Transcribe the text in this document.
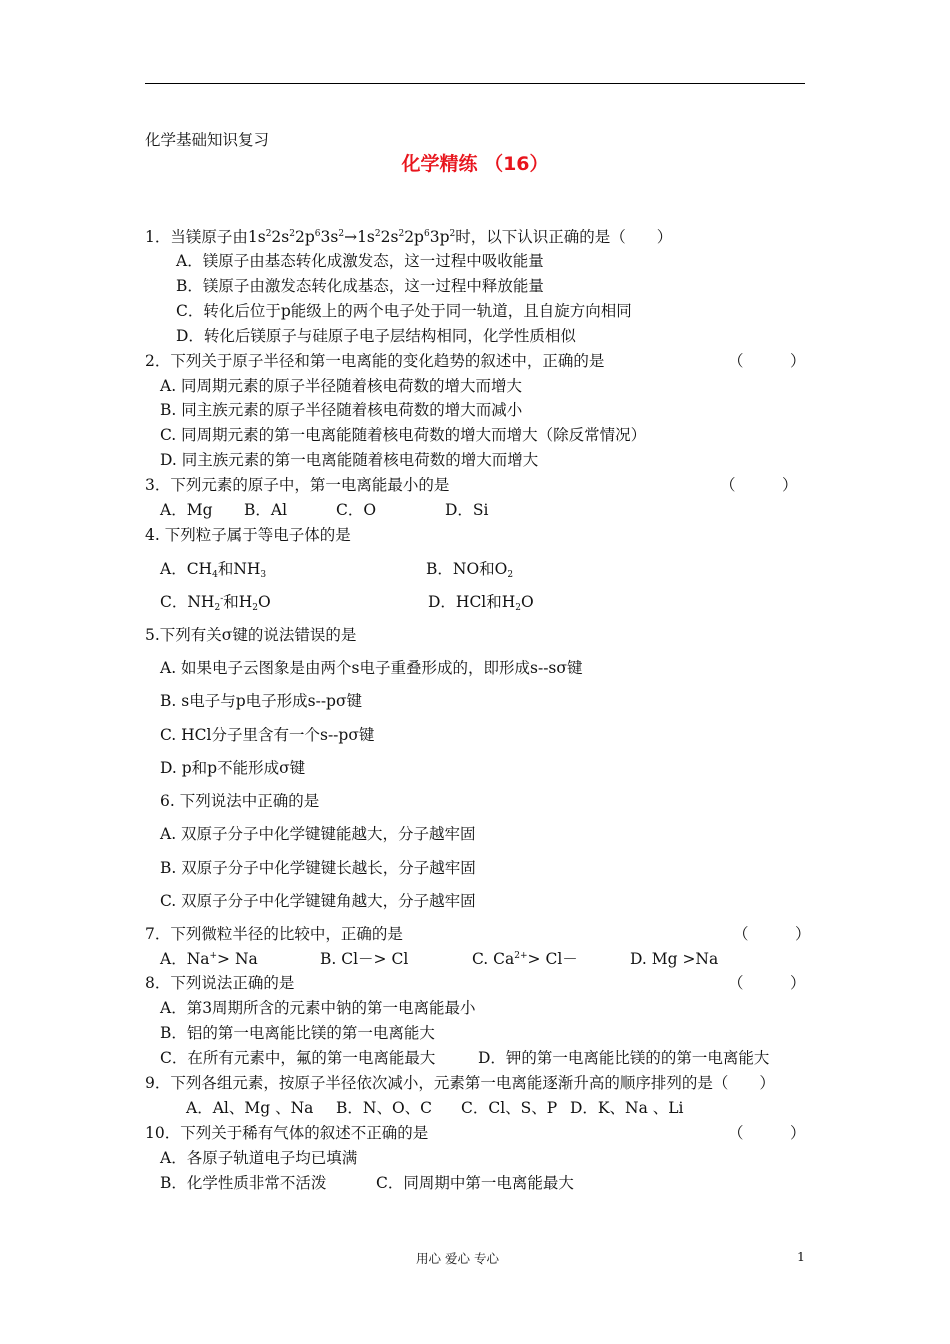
化学基础知识复习
化学精练 （16）
1．当镁原子由$1s^22s^22p^63s^2\to 1s^22s^22p^63p^2$时，以下认识正确的是（　　）
A．镁原子由基态转化成激发态，这一过程中吸收能量
B．镁原子由激发态转化成基态，这一过程中释放能量
C．转化后位于p能级上的两个电子处于同一轨道，且自旋方向相同
D．转化后镁原子与硅原子电子层结构相同，化学性质相似
2．下列关于原子半径和第一电离能的变化趋势的叙述中，正确的是	（　　　）
A. 同周期元素的原子半径随着核电荷数的增大而增大
B. 同主族元素的原子半径随着核电荷数的增大而减小
C. 同周期元素的第一电离能随着核电荷数的增大而增大（除反常情况）
D. 同主族元素的第一电离能随着核电荷数的增大而增大
3．下列元素的原子中，第一电离能最小的是	（　　　）
A．Mg B．Al	C．O	D．Si
4. 下列粒子属于等电子体的是
A．$CH_4$和$NH_3$	B．NO和$O_2$
C．$NH_2^-$和$H_2O$	D．HCl和$H_2O$
5.下列有关σ键的说法错误的是
A. 如果电子云图象是由两个s电子重叠形成的，即形成s--sσ键
B. s电子与p电子形成s--pσ键
C. HCl分子里含有一个s--pσ键
D. p和p不能形成σ键
6. 下列说法中正确的是
A. 双原子分子中化学键键能越大，分子越牢固
B. 双原子分子中化学键键长越长，分子越牢固
C. 双原子分子中化学键键角越大，分子越牢固
7．下列微粒半径的比较中，正确的是	（　　　）
A．Na+> Na	B. Cl－> Cl	C. $Ca^{2+}> Cl-$	D. Mg >Na
8．下列说法正确的是	（　　　）
A．第3周期所含的元素中钠的第一电离能最小
B．铝的第一电离能比镁的第一电离能大
C．在所有元素中，氟的第一电离能最大	D．钾的第一电离能比镁的的第一电离能大
9．下列各组元素，按原子半径依次减小，元素第一电离能逐渐升高的顺序排列的是（　　）
A．Al、Mg 、Na B．N、O、C C．Cl、S、P D．K、Na 、Li
10．下列关于稀有气体的叙述不正确的是	（　　　）
A．各原子轨道电子均已填满
B．化学性质非常不活泼	C．同周期中第一电离能最大
用心 爱心 专心	1
